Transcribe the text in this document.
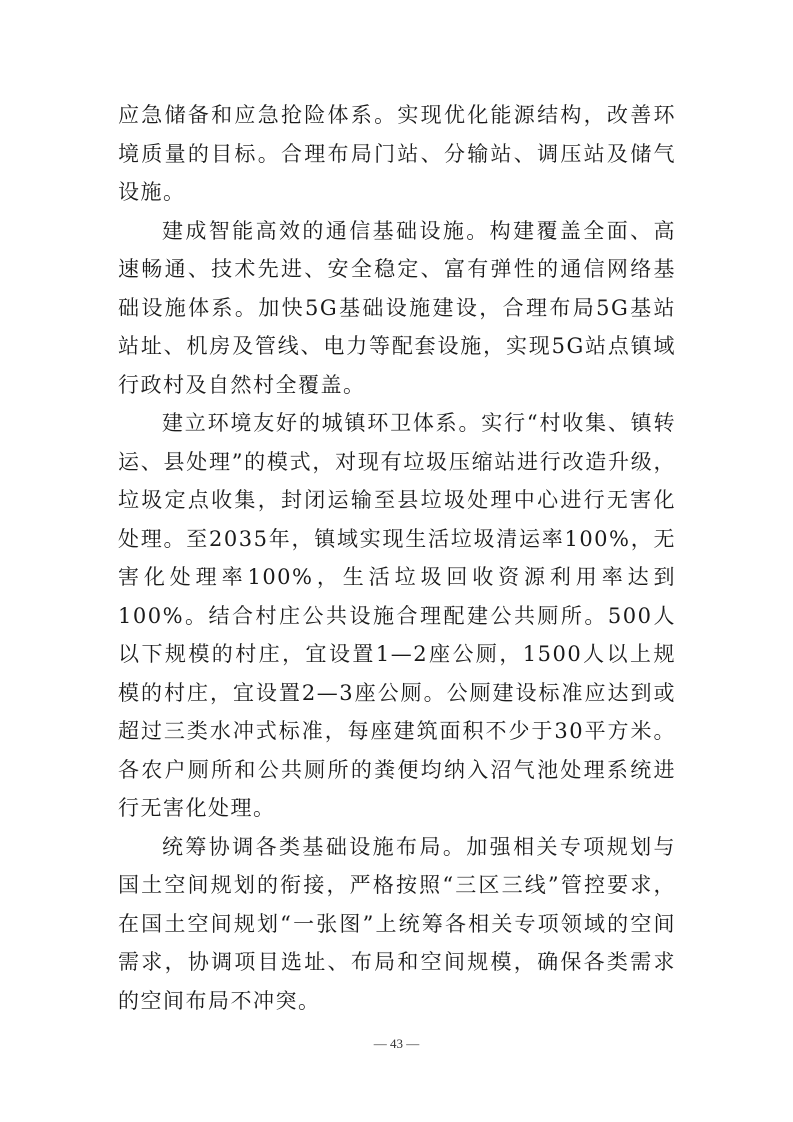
应急储备和应急抢险体系。实现优化能源结构，改善环境质量的目标。合理布局门站、分输站、调压站及储气设施。

建成智能高效的通信基础设施。构建覆盖全面、高速畅通、技术先进、安全稳定、富有弹性的通信网络基础设施体系。加快5G基础设施建设，合理布局5G基站站址、机房及管线、电力等配套设施，实现5G站点镇域行政村及自然村全覆盖。

建立环境友好的城镇环卫体系。实行“村收集、镇转运、县处理”的模式，对现有垃圾压缩站进行改造升级，垃圾定点收集，封闭运输至县垃圾处理中心进行无害化处理。至2035年，镇域实现生活垃圾清运率100%，无害化处理率100%，生活垃圾回收资源利用率达到100%。结合村庄公共设施合理配建公共厕所。500人以下规模的村庄，宜设置1—2座公厕，1500人以上规模的村庄，宜设置2—3座公厕。公厕建设标准应达到或超过三类水冲式标准，每座建筑面积不少于30平方米。各农户厕所和公共厕所的粪便均纳入沼气池处理系统进行无害化处理。

统筹协调各类基础设施布局。加强相关专项规划与国土空间规划的衔接，严格按照“三区三线”管控要求，在国土空间规划“一张图”上统筹各相关专项领域的空间需求，协调项目选址、布局和空间规模，确保各类需求的空间布局不冲突。

— 43 —
